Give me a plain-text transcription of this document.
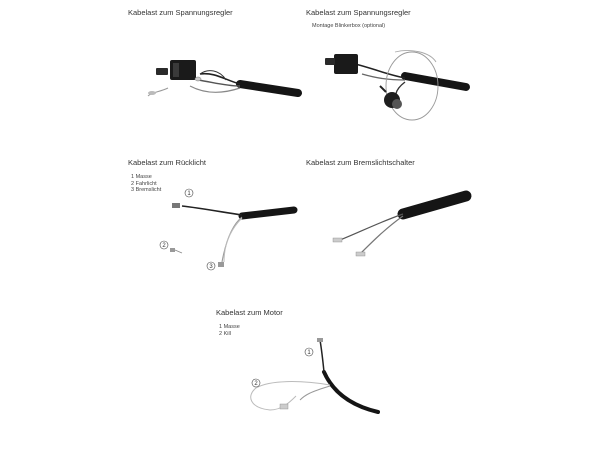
Kabelast zum Spannungsregler	Kabelast zum Spannungsregler
Montage Blinkerbox (optional)
Kabelast zum Rücklicht
1 Masse
2 Fahrlicht
3 Bremslicht
Kabelast zum Bremslichtschalter
Kabelast zum Motor
1 Masse
2 Kill
1
2
3
1
2
